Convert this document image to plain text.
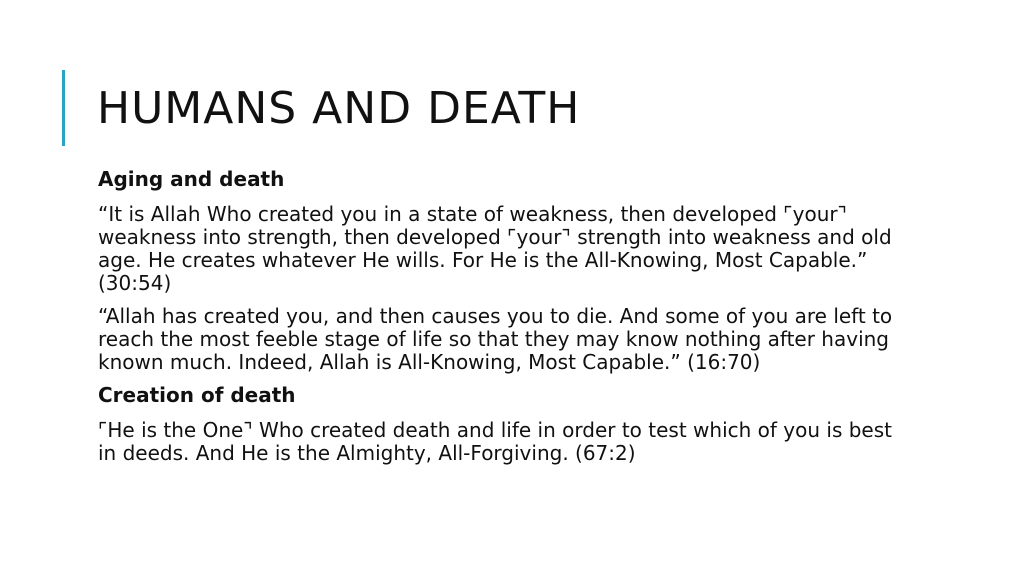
HUMANS AND DEATH

Aging and death

“It is Allah Who created you in a state of weakness, then developed ⌜your⌝ weakness into strength, then developed ⌜your⌝ strength into weakness and old age. He creates whatever He wills. For He is the All-Knowing, Most Capable.” (30:54)

“Allah has created you, and then causes you to die. And some of you are left to reach the most feeble stage of life so that they may know nothing after having known much. Indeed, Allah is All-Knowing, Most Capable.” (16:70)

Creation of death

⌜He is the One⌝ Who created death and life in order to test which of you is best in deeds. And He is the Almighty, All-Forgiving. (67:2)
